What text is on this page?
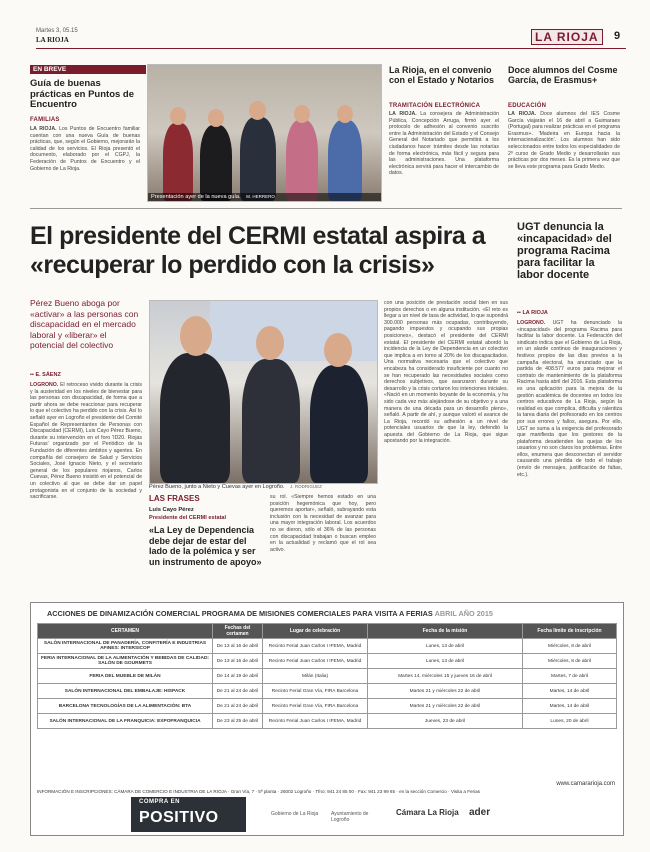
Martes 3, 05.15
LA RIOJA	LA RIOJA	9
EN BREVE
Guía de buenas prácticas en Puntos de Encuentro
FAMILIAS
LA RIOJA. Los Puntos de Encuentro familiar cuentan con una nueva Guía de buenas prácticas, que, según el Gobierno, mejorarán la calidad de los servicios. El Rioja presentó el documento, elaborado por el CGPJ, la Federación de Puntos de Encuentro y el Gobierno de La Rioja.
Presentación ayer de la nueva guía. M. HERRERO
La Rioja, en el convenio con el Estado y Notarios
TRAMITACIÓN ELECTRÓNICA
LA RIOJA. La consejera de Administración Pública, Concepción Arruga, firmó ayer el protocolo de adhesión al convenio suscrito entre la Administración del Estado y el Consejo General del Notariado que permitirá a los ciudadanos hacer trámites desde las notarías de forma electrónica, más fácil y segura para las administraciones. Una plataforma electrónica servirá para hacer el intercambio de datos.
Doce alumnos del Cosme García, de Erasmus+
EDUCACIÓN
LA RIOJA. Doce alumnos del IES Cosme García viajarán el 16 de abril a Guimaraes (Portugal) para realizar prácticas en el programa Erasmus+. 'Madeira en Europa hacia la internacionalización'. Los alumnos han sido seleccionados entre todos los especialidades de 2º curso de Grado Medio y desarrollarán sus prácticas por dos meses. Es la primera vez que se lleva este programa para Grado Medio.
El presidente del CERMI estatal aspira a «recuperar lo perdido con la crisis»
UGT denuncia la «incapacidad» del programa Racima para facilitar la labor docente
▪▪ LA RIOJA
LOGROÑO. UGT ha denunciado la «incapacidad» del programa Racima para facilitar la labor docente. La Federación del sindicato indica que el Gobierno de La Rioja, en un alarde continuo de inauguraciones y festivos propios de las días previos a la campaña electoral, ha anunciado que la partida de 408.577 euros para mejorar el contrato de mantenimiento de la plataforma Racima hasta abril del 2016. Esta plataforma es una aplicación para la mejora de la gestión académica de docentes en todos los centros educativos de La Rioja, según la realidad es que complica, dificulta y ralentiza la tarea diaria del profesorado en los centros por sus errores y fallos, asegura. Por ello, UGT se suma a la exigencia del profesorado que manifiesta que los gestores de la plataforma desatienden las quejas de los usuarios y no son claros los problemas. Entre ellos, enumera que desconectan el servidor causando una pérdida de todo el trabajo (envío de mensajes, justificación de faltas, etc.).
Pérez Bueno aboga por «activar» a las personas con discapacidad en el mercado laboral y «liberar» el potencial del colectivo
▪▪ E. SÁENZ
LOGROÑO. El retroceso vivido durante la crisis y la austeridad en los niveles de bienestar para las personas con discapacidad, de forma que a partir ahora se debe reaccionar para recuperar lo que el colectivo ha perdido con la crisis. Así lo señaló ayer en Logroño el presidente del Comité Español de Representantes de Personas con Discapacidad (CERMI), Luis Cayo Pérez Bueno, durante su intervención en el foro 'ID20. Riojas Futuras' organizado por el Periódico de la Fundación de diferentes ámbitos y agentes. En compañía del consejero de Salud y Servicios Sociales, José Ignacio Nieto, y el secretario general de los populares riojanos, Carlos Cuevas, Pérez Bueno insistió en el potencial de un colectivo al que se debe dar un papel protagonista en el conjunto de la sociedad y sacrificarse.
Pérez Bueno, junto a Nieto y Cuevas ayer en Logroño. J. RODRIGUEZ
LAS FRASES
Luis Cayo Pérez
Presidente del CERMI estatal
«La Ley de Dependencia debe dejar de estar del lado de la polémica y ser un instrumento de apoyo»
su rol. «Siempre hemos estado en una posición hegemónica que hoy, pero queremos aportar», señaló, subrayando esta inclusión con la necesidad de avanzar para una mayor integración laboral. Los acuerdos no se dieron, sólo el 36% de las personas con discapacidad trabajan o buscan empleo en la actualidad y reclamó que el rol sea activo.
con una posición de prestación social bien en sus propios derechos o en alguna institución. «El reto es llegar a un nivel de tasa de actividad, lo que supondrá 300.000 personas más ocupadas, contribuyendo, pagando impuestos y ocupando sus propias posiciones», destacó el presidente del CERMI estatal. El presidente del CERMI estatal abordó la incidencia de la Ley de Dependencia en un colectivo que implica a en torno al 20% de los discapacitados. Una normativa necesaria que el colectivo que encabeza ha considerado insuficiente por cuanto no se han recuperado las necesidades sociales como derechos subjetivos, que avanzaron durante su desarrollo y la crisis cortaron los intenciones iniciales. «Nació en un momento boyante de la economía, y ha sido cada vez más alejándose de su objetivo y a una manera de una década para un desarrollo pleno», señaló. A partir de ahí, y aunque valoró el avance de La Rioja, recordó su adhesión a un nivel de potenciales usuarios de que la ley, defendió la apuesta del Gobierno de La Rioja, que sigue apostando por la integración.
ACCIONES DE DINAMIZACIÓN COMERCIAL PROGRAMA DE MISIONES COMERCIALES PARA VISITA A FERIAS ABRIL AÑO 2015
CERTAMEN	Fechas del certamen	Lugar de celebración	Fecha de la misión	Fecha límite de inscripción
SALÓN INTERNACIONAL DE PANADERÍA, CONFITERÍA E INDUSTRIAS AFINES: INTERSICOP	De 13 al 16 de abril	Recinto Ferial Juan Carlos I IFEMA, Madrid	Lunes, 13 de abril	Miércoles, 8 de abril
FERIA INTERNACIONAL DE LA ALIMENTACIÓN Y BEBIDAS DE CALIDAD: SALÓN DE GOURMETS	De 13 al 16 de abril	Recinto Ferial Juan Carlos I IFEMA, Madrid	Lunes, 13 de abril	Miércoles, 8 de abril
FERIA DEL MUEBLE DE MILÁN	De 14 al 19 de abril	Milán (Italia)	Martes 14, miércoles 15 y jueves 16 de abril	Martes, 7 de abril
SALÓN INTERNACIONAL DEL EMBALAJE: HISPACK	De 21 al 24 de abril	Recinto Ferial Gran Vía, FIRA Barcelona	Martes 21 y miércoles 22 de abril	Martes, 14 de abril
BARCELONA TECNOLOGÍAS DE LA ALIMENTACIÓN: BTA	De 21 al 24 de abril	Recinto Ferial Gran Vía, FIRA Barcelona	Martes 21 y miércoles 22 de abril	Martes, 14 de abril
SALÓN INTERNACIONAL DE LA FRANQUICIA: EXPOFRANQUICIA	De 23 al 25 de abril	Recinto Ferial Juan Carlos I IFEMA, Madrid	Jueves, 23 de abril	Lunes, 20 de abril
www.camararioja.com
INFORMACIÓN E INSCRIPCIONES: CÁMARA DE COMERCIO E INDUSTRIA DE LA RIOJA · Gran Vía, 7 · 5ª planta · 26002 Logroño · Tfno: 941 24 85 00 · Fax: 941 23 99 65 · en la sección Comercio · Visita a Ferias
COMPRA EN
POSITIVO	Gobierno de La Rioja	Ayuntamiento de Logroño
Cámara La Rioja ader
